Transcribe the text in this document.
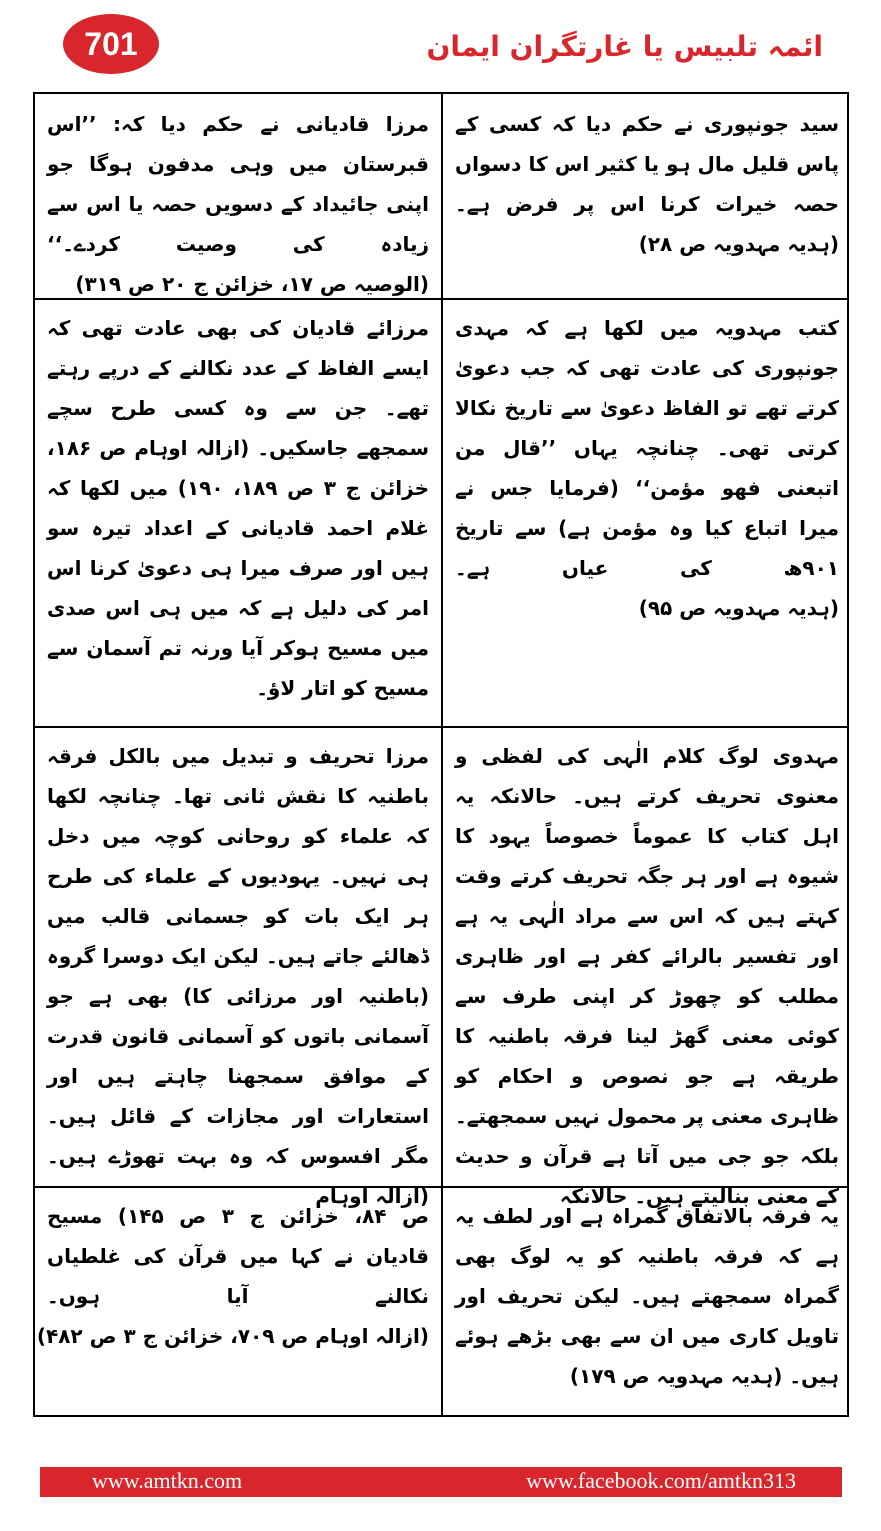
701	ائمہ تلبیس یا غارتگران ایمان
سید جونپوری نے حکم دیا کہ کسی کے پاس قلیل مال ہو یا کثیر اس کا دسواں حصہ خیرات کرنا اس پر فرض ہے۔ (ہدیہ مہدویہ ص ۲۸)
مرزا قادیانی نے حکم دیا کہ: ’’اس قبرستان میں وہی مدفون ہوگا جو اپنی جائیداد کے دسویں حصہ یا اس سے زیادہ کی وصیت کردے۔‘‘ (الوصیہ ص ۱۷، خزائن ج ۲۰ ص ۳۱۹)
کتب مہدویہ میں لکھا ہے کہ مہدی جونپوری کی عادت تھی کہ جب دعویٰ کرتے تھے تو الفاظ دعویٰ سے تاریخ نکالا کرتی تھی۔ چنانچہ یہاں ’’قال من اتبعنی فھو مؤمن‘‘ (فرمایا جس نے میرا اتباع کیا وہ مؤمن ہے) سے تاریخ ۹۰۱ھ کی عیاں ہے۔ (ہدیہ مہدویہ ص ۹۵)
مرزائے قادیان کی بھی عادت تھی کہ ایسے الفاظ کے عدد نکالنے کے درپے رہتے تھے۔ جن سے وہ کسی طرح سچے سمجھے جاسکیں۔ (ازالہ اوہام ص ۱۸۶، خزائن ج ۳ ص ۱۸۹، ۱۹۰) میں لکھا کہ غلام احمد قادیانی کے اعداد تیرہ سو ہیں اور صرف میرا ہی دعویٰ کرنا اس امر کی دلیل ہے کہ میں ہی اس صدی میں مسیح ہوکر آیا ورنہ تم آسمان سے مسیح کو اتار لاؤ۔
مہدوی لوگ کلام الٰہی کی لفظی و معنوی تحریف کرتے ہیں۔ حالانکہ یہ اہل کتاب کا عموماً خصوصاً یہود کا شیوہ ہے اور ہر جگہ تحریف کرتے وقت کہتے ہیں کہ اس سے مراد الٰہی یہ ہے اور تفسیر بالرائے کفر ہے اور ظاہری مطلب کو چھوڑ کر اپنی طرف سے کوئی معنی گھڑ لینا فرقہ باطنیہ کا طریقہ ہے جو نصوص و احکام کو ظاہری معنی پر محمول نہیں سمجھتے۔ بلکہ جو جی میں آتا ہے قرآن و حدیث کے معنی بنالیتے ہیں۔ حالانکہ
مرزا تحریف و تبدیل میں بالکل فرقہ باطنیہ کا نقش ثانی تھا۔ چنانچہ لکھا کہ علماء کو روحانی کوچہ میں دخل ہی نہیں۔ یہودیوں کے علماء کی طرح ہر ایک بات کو جسمانی قالب میں ڈھالئے جاتے ہیں۔ لیکن ایک دوسرا گروہ (باطنیہ اور مرزائی کا) بھی ہے جو آسمانی باتوں کو آسمانی قانون قدرت کے موافق سمجھنا چاہتے ہیں اور استعارات اور مجازات کے قائل ہیں۔ مگر افسوس کہ وہ بہت تھوڑے ہیں۔ (ازالہ اوہام
یہ فرقہ بالاتفاق گمراہ ہے اور لطف یہ ہے کہ فرقہ باطنیہ کو یہ لوگ بھی گمراہ سمجھتے ہیں۔ لیکن تحریف اور تاویل کاری میں ان سے بھی بڑھے ہوئے ہیں۔ (ہدیہ مہدویہ ص ۱۷۹)
ص ۸۴، خزائن ج ۳ ص ۱۴۵) مسیح قادیان نے کہا میں قرآن کی غلطیاں نکالنے آیا ہوں۔ (ازالہ اوہام ص ۷۰۹، خزائن ج ۳ ص ۴۸۲)
www.amtkn.com	www.facebook.com/amtkn313
